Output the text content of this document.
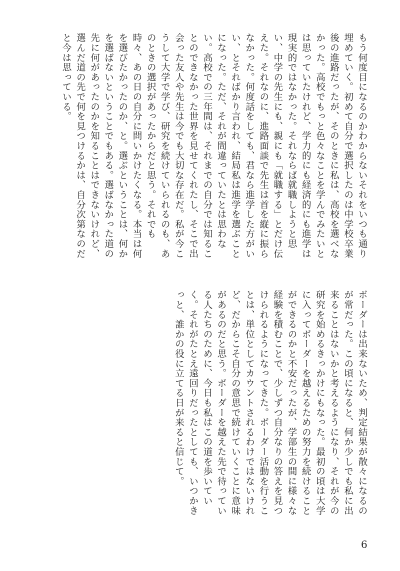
もう何度目になるのかわからないそれをいつも通り埋めていく。初めて自分で選択したのは中学校卒業後の進路だったが、そのときに私は、高校を選べなかった。高校でもっと色々なことを学んでみたいとは思っていたけれど、学力的にも経済的にも進学は現実的ではなかった。それならば就職しようと思い、中学の先生にも、親にも「就職する」とだけ伝えた。それなのに、進路面談で先生は首を縦に振らなかった。何度話をしても、君なら進学した方がいい、とそればかり言われ、結局私は進学を選ぶことになった。ただ、それが間違っていたとは思わない。高校での三年間は、それまでの自分では知ることのできなかった世界を見せてくれたし、そこで出会った友人や先生は今でも大切な存在だ。私が今こうして大学で学び、研究を続けていられるのも、あのときの選択があったからだと思う。それでも時々、あの日の自分に問いかけたくなる。本当は何を選びたかったのか、と。選ぶということは、何かを選ばないということでもある。選ばなかった道の先に何があったのかを知ることはできないけれど、選んだ道の先で何を見つけるかは、自分次第なのだと今は思っている。

ボーダーは出来ないため、判定結果が散々になるのが常だった。この頃になると、何か少しでも私に出来ることはないかと考えるようになり、それが今の研究を始めるきっかけにもなった。最初の頃は大学に入ってボーダーを越えるための努力を続けることができるのかと不安だったが、学部生の間に様々な経験を積むことで、少しずつ自分なりの答えを見つけられるようになってきた。ボーダー活動を行うことは、単位としてカウントされるわけではないけれど、だからこそ自分の意思で続けていくことに意味があるのだと思う。ボーダーを越えた先で待っている人たちのために、今日も私はこの道を歩いていく。それがたとえ遠回りだったとしても、いつかきっと、誰かの役に立てる日が来ると信じて。

6
